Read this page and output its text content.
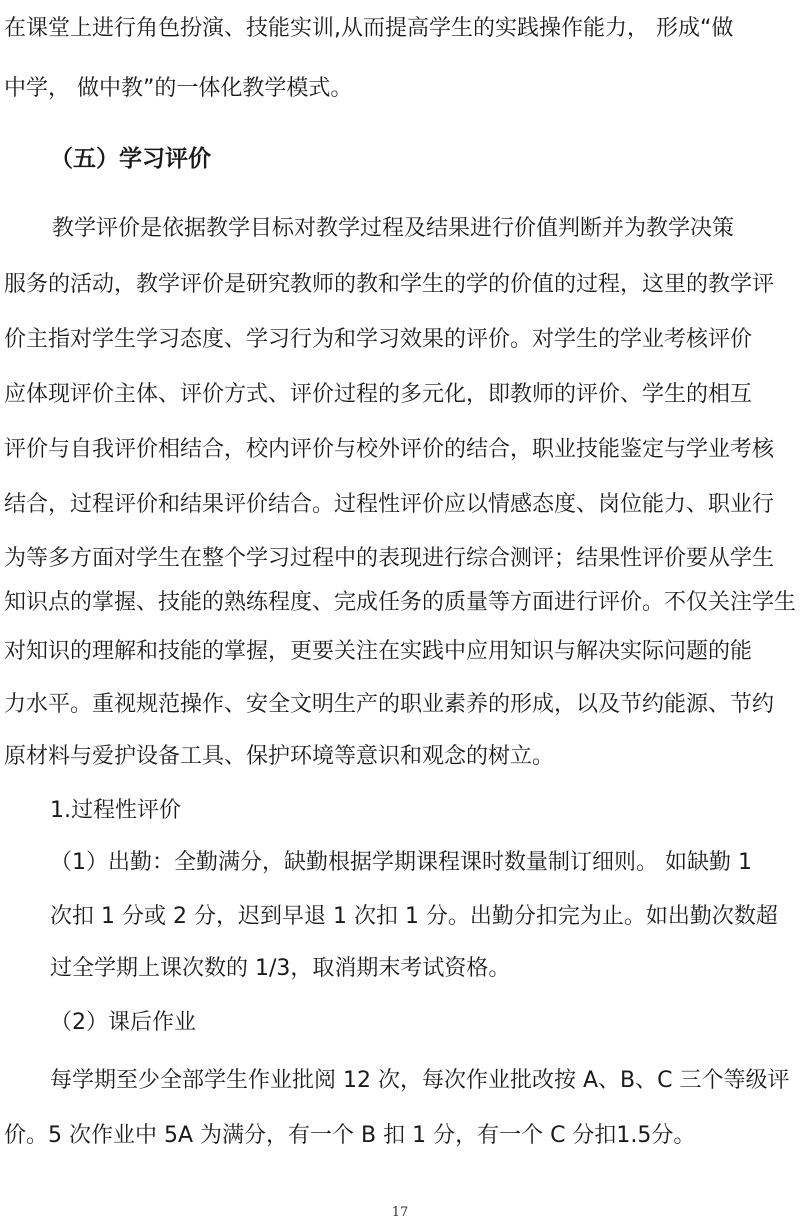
在课堂上进行角色扮演、技能实训,从而提高学生的实践操作能力， 形成“做
中学， 做中教”的一体化教学模式。
（五）学习评价
教学评价是依据教学目标对教学过程及结果进行价值判断并为教学决策
服务的活动，教学评价是研究教师的教和学生的学的价值的过程，这里的教学评
价主指对学生学习态度、学习行为和学习效果的评价。对学生的学业考核评价
应体现评价主体、评价方式、评价过程的多元化，即教师的评价、学生的相互
评价与自我评价相结合，校内评价与校外评价的结合，职业技能鉴定与学业考核
结合，过程评价和结果评价结合。过程性评价应以情感态度、岗位能力、职业行
为等多方面对学生在整个学习过程中的表现进行综合测评；结果性评价要从学生
知识点的掌握、技能的熟练程度、完成任务的质量等方面进行评价。不仅关注学生
对知识的理解和技能的掌握，更要关注在实践中应用知识与解决实际问题的能
力水平。重视规范操作、安全文明生产的职业素养的形成，以及节约能源、节约
原材料与爱护设备工具、保护环境等意识和观念的树立。
1.过程性评价
（1）出勤：全勤满分，缺勤根据学期课程课时数量制订细则。 如缺勤 1
次扣 1 分或 2 分，迟到早退 1 次扣 1 分。出勤分扣完为止。如出勤次数超
过全学期上课次数的 1/3，取消期末考试资格。
（2）课后作业
每学期至少全部学生作业批阅 12 次，每次作业批改按 A、B、C 三个等级评
价。5 次作业中 5A 为满分，有一个 B 扣 1 分，有一个 C 分扣1.5分。
17
